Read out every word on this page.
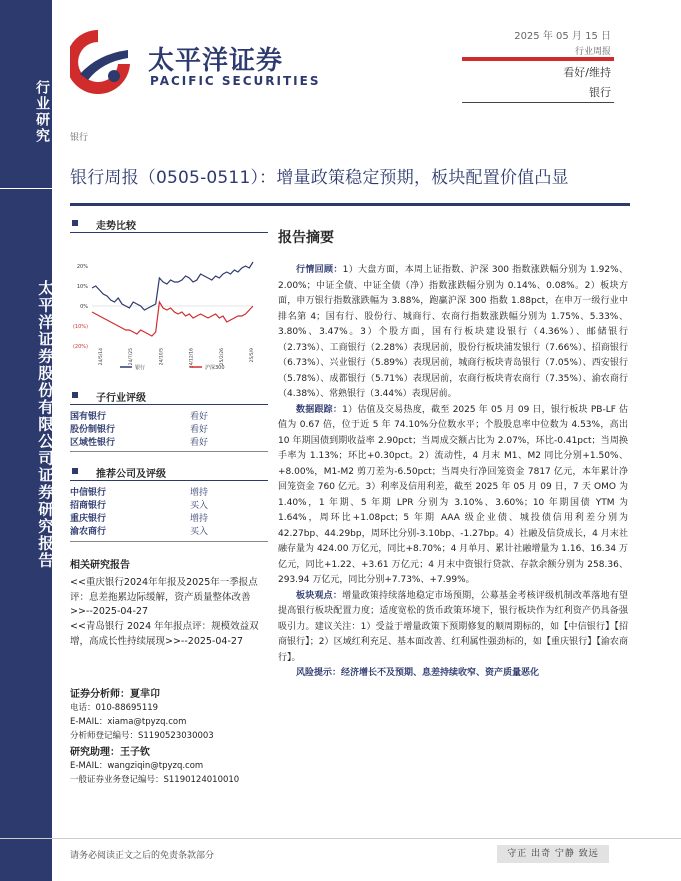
行业研究
太平洋证券股份有限公司证券研究报告
太平洋证券
PACIFIC SECURITIES
2025 年 05 月 15 日
行业周报
看好/维持
银行
银行
银行周报（0505-0511）：增量政策稳定预期，板块配置价值凸显
走势比较
20%
10%
0%
(10%)
(20%)
24/5/14	24/7/25	24/10/5	24/12/16	25/2/26	25/5/9
银行	沪深300
子行业评级
国有银行	看好
股份制银行	看好
区域性银行	看好
推荐公司及评级
中信银行	增持
招商银行	买入
重庆银行	增持
渝农商行	买入
相关研究报告
<<重庆银行2024年年报及2025年一季报点评：息差拖累边际缓解，资产质量整体改善>>--2025-04-27
<<青岛银行 2024 年年报点评：规模效益双增，高成长性持续展现>>--2025-04-27
证券分析师：夏芈卬
电话：010-88695119
E-MAIL：xiama@tpyzq.com
分析师登记编号：S1190523030003
研究助理：王子钦
E-MAIL：wangziqin@tpyzq.com
一般证券业务登记编号：S1190124010010
报告摘要

行情回顾：1）大盘方面，本周上证指数、沪深 300 指数涨跌幅分别为 1.92%、2.00%；中证全债、中证全债（净）指数涨跌幅分别为 0.14%、0.08%。2）板块方面，申万银行指数涨跌幅为 3.88%，跑赢沪深 300 指数 1.88pct，在申万一级行业中排名第 4；国有行、股份行、城商行、农商行指数涨跌幅分别为 1.75%、5.33%、3.80%、3.47%。3）个股方面，国有行板块建设银行（4.36%）、邮储银行（2.73%）、工商银行（2.28%）表现居前，股份行板块浦发银行（7.66%）、招商银行（6.73%）、兴业银行（5.89%）表现居前，城商行板块青岛银行（7.05%）、西安银行（5.78%）、成都银行（5.71%）表现居前，农商行板块青农商行（7.35%）、渝农商行（4.38%）、常熟银行（3.44%）表现居前。

数据跟踪：1）估值及交易热度，截至 2025 年 05 月 09 日，银行板块 PB-LF 估值为 0.67 倍，位于近 5 年 74.10%分位数水平；个股股息率中位数为 4.53%，高出 10 年期国债到期收益率 2.90pct；当周成交额占比为 2.07%，环比-0.41pct；当周换手率为 1.13%；环比+0.30pct。2）流动性，4 月末 M1、M2 同比分别+1.50%、+8.00%，M1-M2 剪刀差为-6.50pct；当周央行净回笼资金 7817 亿元，本年累计净回笼资金 760 亿元。3）利率及信用利差，截至 2025 年 05 月 09 日，7 天 OMO 为 1.40%，1 年期、5 年期 LPR 分别为 3.10%、3.60%；10 年期国债 YTM 为 1.64%，周环比+1.08pct；5 年期 AAA 级企业债、城投债信用利差分别为 42.27bp、44.29bp，周环比分别-3.10bp、-1.27bp。4）社融及信贷成长，4 月末社融存量为 424.00 万亿元，同比+8.70%；4 月单月、累计社融增量为 1.16、16.34 万亿元，同比+1.22、+3.61 万亿元；4 月末中资银行贷款、存款余额分别为 258.36、293.94 万亿元，同比分别+7.73%、+7.99%。

板块观点：增量政策持续落地稳定市场预期，公募基金考核评级机制改革落地有望提高银行板块配置力度；适度宽松的货币政策环境下，银行板块作为红利资产仍具备强吸引力。建议关注：1）受益于增量政策下预期修复的顺周期标的，如【中信银行】【招商银行】；2）区域红利充足、基本面改善、红利属性强劲标的，如【重庆银行】【渝农商行】。

风险提示：经济增长不及预期、息差持续收窄、资产质量恶化

请务必阅读正文之后的免责条款部分	守正 出奇 宁静 致远
